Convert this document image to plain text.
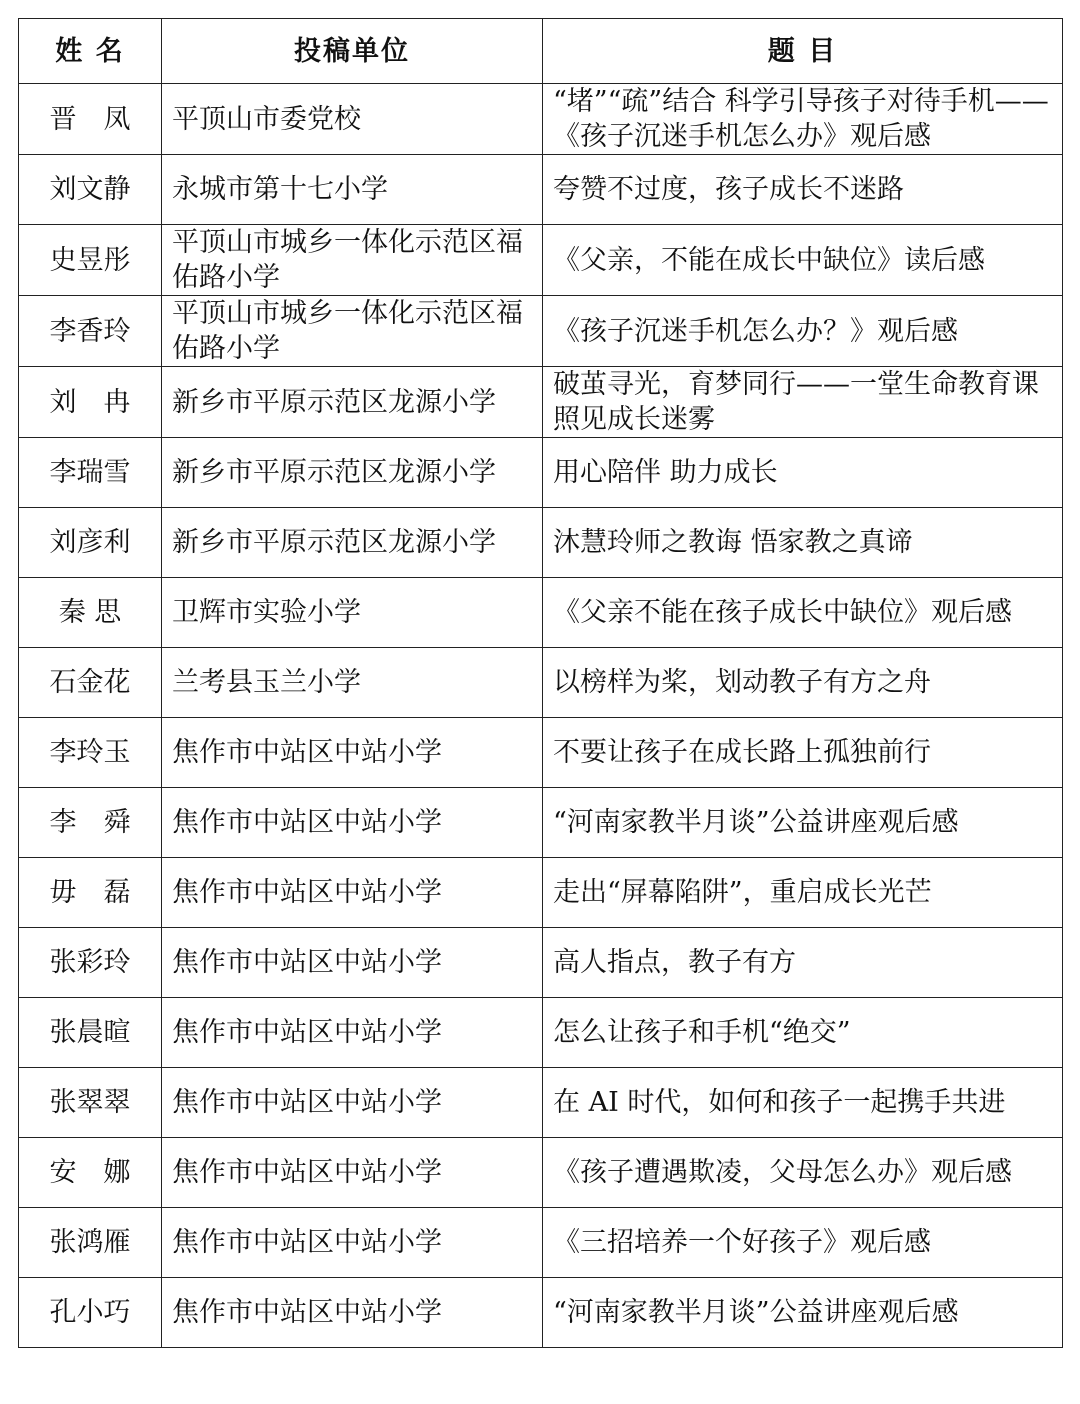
姓 名	投稿单位	题 目
晋　凤	平顶山市委党校	“堵”“疏”结合 科学引导孩子对待手机——《孩子沉迷手机怎么办》观后感
刘文静	永城市第十七小学	夸赞不过度，孩子成长不迷路
史昱彤	平顶山市城乡一体化示范区福佑路小学	《父亲，不能在成长中缺位》读后感
李香玲	平顶山市城乡一体化示范区福佑路小学	《孩子沉迷手机怎么办？》观后感
刘　冉	新乡市平原示范区龙源小学	破茧寻光，育梦同行——一堂生命教育课照见成长迷雾
李瑞雪	新乡市平原示范区龙源小学	用心陪伴 助力成长
刘彦利	新乡市平原示范区龙源小学	沐慧玲师之教诲 悟家教之真谛
秦 思	卫辉市实验小学	《父亲不能在孩子成长中缺位》观后感
石金花	兰考县玉兰小学	以榜样为桨，划动教子有方之舟
李玲玉	焦作市中站区中站小学	不要让孩子在成长路上孤独前行
李　舜	焦作市中站区中站小学	“河南家教半月谈”公益讲座观后感
毋　磊	焦作市中站区中站小学	走出“屏幕陷阱”，重启成长光芒
张彩玲	焦作市中站区中站小学	高人指点，教子有方
张晨暄	焦作市中站区中站小学	怎么让孩子和手机“绝交”
张翠翠	焦作市中站区中站小学	在 AI 时代，如何和孩子一起携手共进
安　娜	焦作市中站区中站小学	《孩子遭遇欺凌，父母怎么办》观后感
张鸿雁	焦作市中站区中站小学	《三招培养一个好孩子》观后感
孔小巧	焦作市中站区中站小学	“河南家教半月谈”公益讲座观后感
